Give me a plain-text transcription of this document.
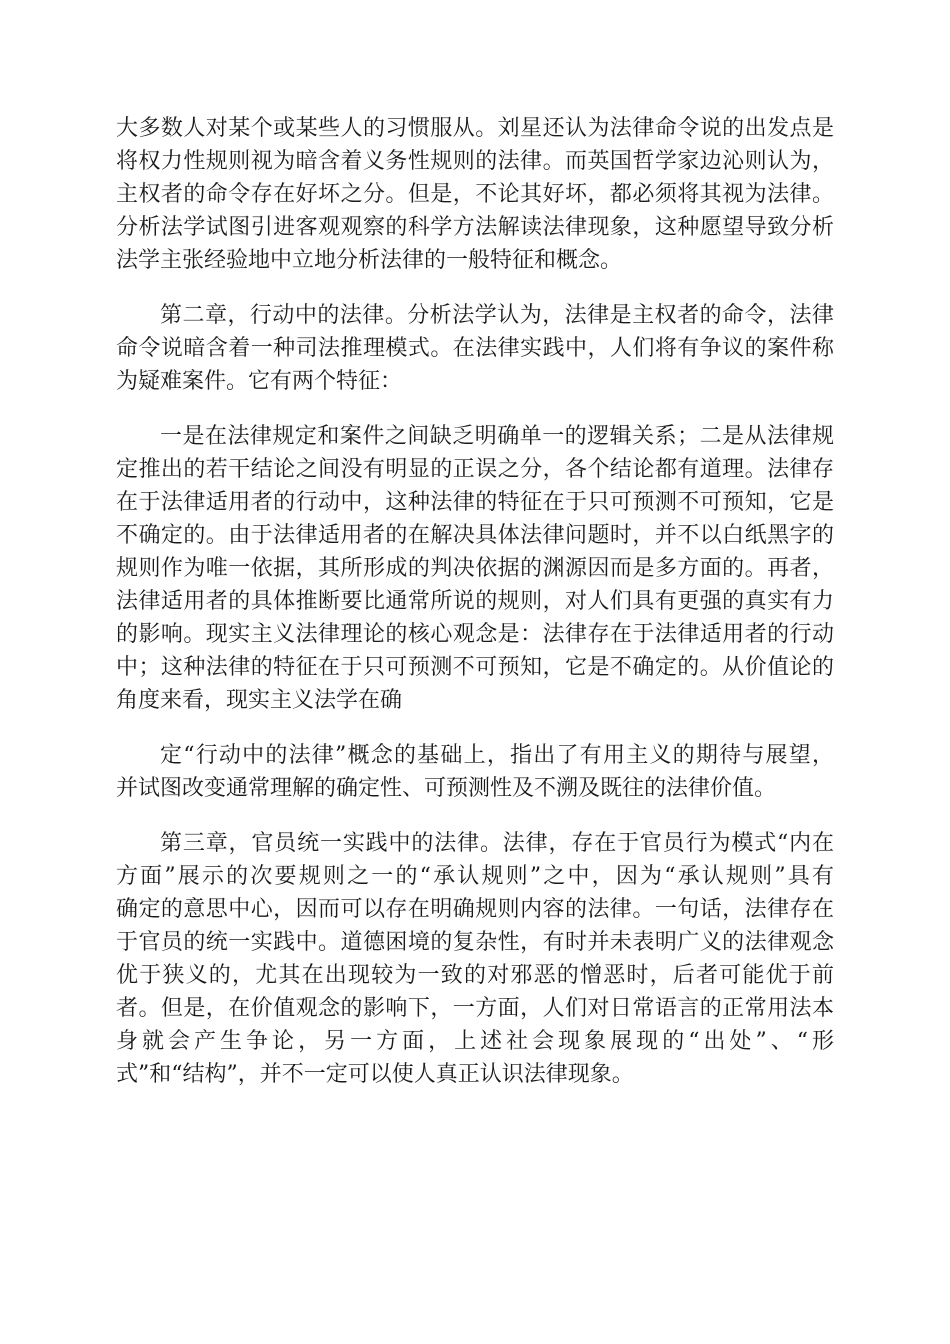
大多数人对某个或某些人的习惯服从。刘星还认为法律命令说的出发点是
将权力性规则视为暗含着义务性规则的法律。而英国哲学家边沁则认为，
主权者的命令存在好坏之分。但是，不论其好坏，都必须将其视为法律。
分析法学试图引进客观观察的科学方法解读法律现象，这种愿望导致分析
法学主张经验地中立地分析法律的一般特征和概念。
第二章，行动中的法律。分析法学认为，法律是主权者的命令，法律
命令说暗含着一种司法推理模式。在法律实践中，人们将有争议的案件称
为疑难案件。它有两个特征：
一是在法律规定和案件之间缺乏明确单一的逻辑关系；二是从法律规
定推出的若干结论之间没有明显的正误之分，各个结论都有道理。法律存
在于法律适用者的行动中，这种法律的特征在于只可预测不可预知，它是
不确定的。由于法律适用者的在解决具体法律问题时，并不以白纸黑字的
规则作为唯一依据，其所形成的判决依据的渊源因而是多方面的。再者，
法律适用者的具体推断要比通常所说的规则，对人们具有更强的真实有力
的影响。现实主义法律理论的核心观念是：法律存在于法律适用者的行动
中；这种法律的特征在于只可预测不可预知，它是不确定的。从价值论的
角度来看，现实主义法学在确
定“行动中的法律”概念的基础上，指出了有用主义的期待与展望，
并试图改变通常理解的确定性、可预测性及不溯及既往的法律价值。
第三章，官员统一实践中的法律。法律，存在于官员行为模式“内在
方面”展示的次要规则之一的“承认规则”之中，因为“承认规则”具有
确定的意思中心，因而可以存在明确规则内容的法律。一句话，法律存在
于官员的统一实践中。道德困境的复杂性，有时并未表明广义的法律观念
优于狭义的，尤其在出现较为一致的对邪恶的憎恶时，后者可能优于前
者。但是，在价值观念的影响下，一方面，人们对日常语言的正常用法本
身就会产生争论，另一方面，上述社会现象展现的“出处”、“形
式”和“结构”，并不一定可以使人真正认识法律现象。
